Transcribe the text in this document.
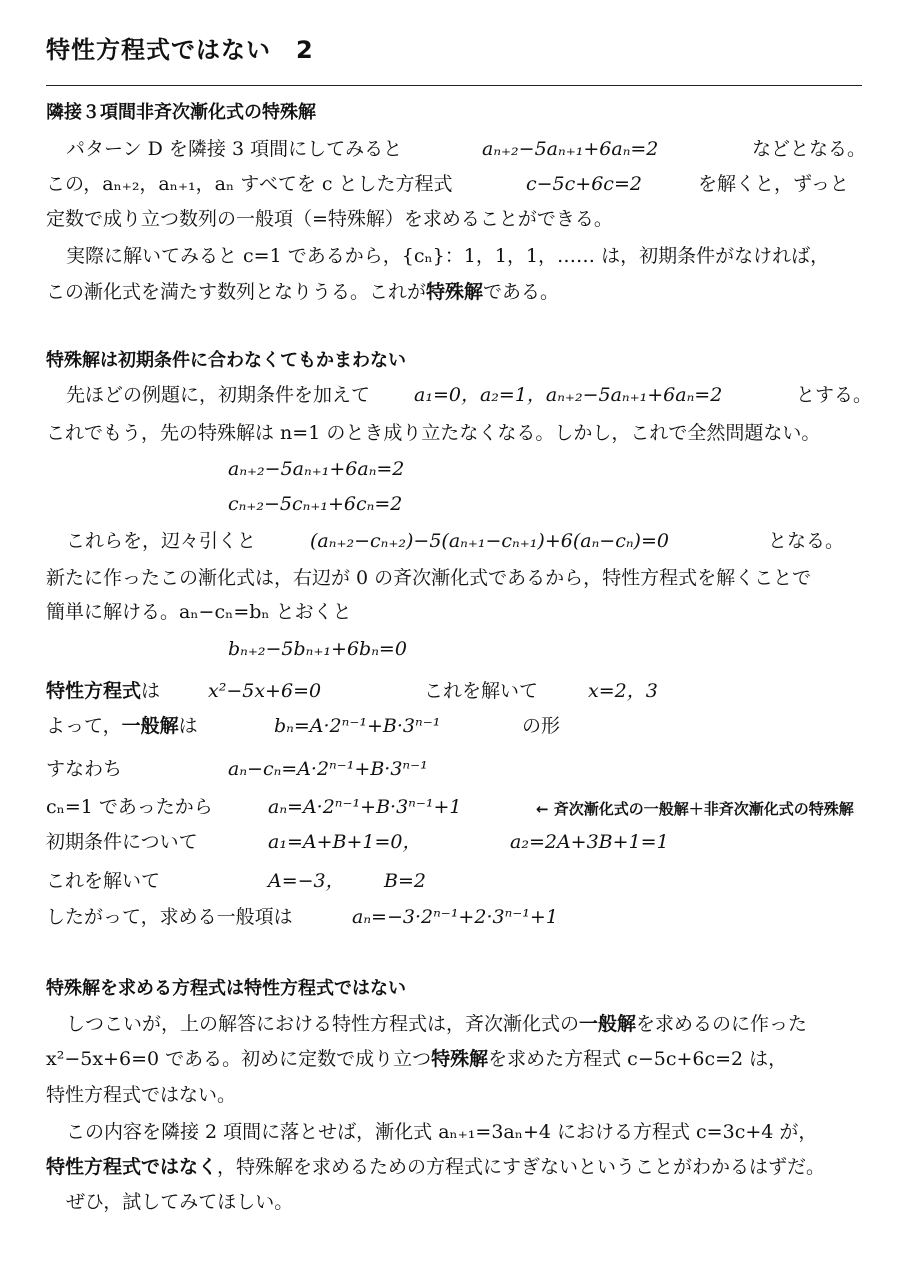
特性方程式ではない　2
隣接３項間非斉次漸化式の特殊解
パターン D を隣接 3 項間にしてみると	aₙ₊₂−5aₙ₊₁+6aₙ=2	などとなる。
この，aₙ₊₂，aₙ₊₁，aₙ すべてを c とした方程式	c−5c+6c=2	を解くと，ずっと
定数で成り立つ数列の一般項（=特殊解）を求めることができる。
実際に解いてみると c=1 であるから，{cₙ}：1，1，1，…… は，初期条件がなければ，
この漸化式を満たす数列となりうる。これが特殊解である。
特殊解は初期条件に合わなくてもかまわない
先ほどの例題に，初期条件を加えて a₁=0，a₂=1，aₙ₊₂−5aₙ₊₁+6aₙ=2	とする。
これでもう，先の特殊解は n=1 のとき成り立たなくなる。しかし，これで全然問題ない。
aₙ₊₂−5aₙ₊₁+6aₙ=2
cₙ₊₂−5cₙ₊₁+6cₙ=2
これらを，辺々引くと	(aₙ₊₂−cₙ₊₂)−5(aₙ₊₁−cₙ₊₁)+6(aₙ−cₙ)=0	となる。
新たに作ったこの漸化式は，右辺が 0 の斉次漸化式であるから，特性方程式を解くことで
簡単に解ける。aₙ−cₙ=bₙ とおくと
bₙ₊₂−5bₙ₊₁+6bₙ=0
特性方程式は	x²−5x+6=0	これを解いて	x=2，3
よって，一般解は	bₙ=A·2ⁿ⁻¹+B·3ⁿ⁻¹	の形
すなわち	aₙ−cₙ=A·2ⁿ⁻¹+B·3ⁿ⁻¹
cₙ=1 であったから	aₙ=A·2ⁿ⁻¹+B·3ⁿ⁻¹+1	← 斉次漸化式の一般解＋非斉次漸化式の特殊解
初期条件について	a₁=A+B+1=0，	a₂=2A+3B+1=1
これを解いて	A=−3， B=2
したがって，求める一般項は	aₙ=−3·2ⁿ⁻¹+2·3ⁿ⁻¹+1
特殊解を求める方程式は特性方程式ではない
しつこいが，上の解答における特性方程式は，斉次漸化式の一般解を求めるのに作った
x²−5x+6=0 である。初めに定数で成り立つ特殊解を求めた方程式 c−5c+6c=2 は，
特性方程式ではない。
この内容を隣接 2 項間に落とせば，漸化式 aₙ₊₁=3aₙ+4 における方程式 c=3c+4 が，
特性方程式ではなく，特殊解を求めるための方程式にすぎないということがわかるはずだ。
ぜひ，試してみてほしい。
